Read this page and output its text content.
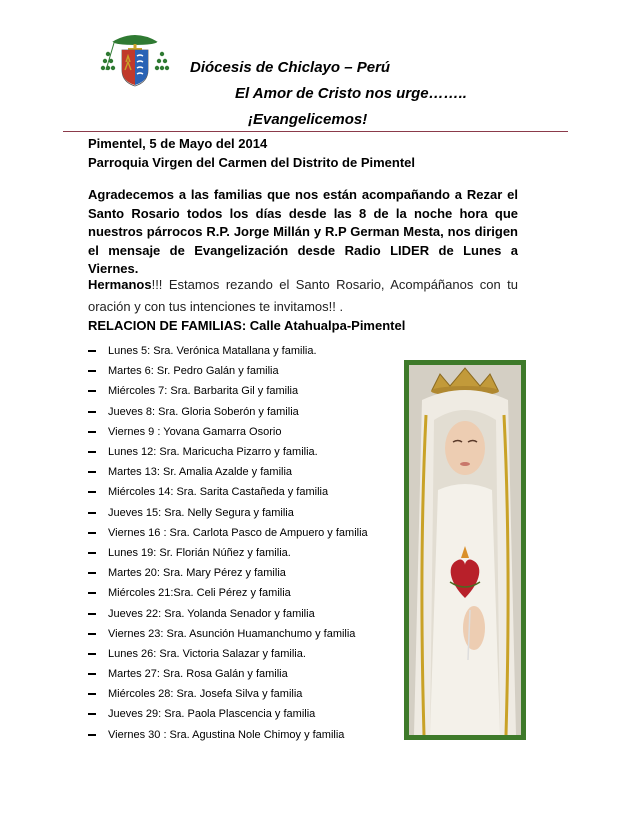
Diócesis de Chiclayo – Perú
El Amor de Cristo nos urge……..
¡Evangelicemos!
Pimentel, 5 de Mayo del 2014
Parroquia Virgen del Carmen del Distrito de Pimentel
Agradecemos a las familias que nos están acompañando a Rezar el Santo Rosario todos los días desde las 8 de la noche hora que nuestros párrocos R.P. Jorge Millán y R.P German Mesta, nos dirigen el mensaje de Evangelización desde Radio LIDER de Lunes a Viernes.
Hermanos!!! Estamos rezando el Santo Rosario, Acompáñanos con tu oración y con tus intenciones te invitamos!! .
RELACION DE FAMILIAS: Calle Atahualpa-Pimentel
Lunes 5: Sra. Verónica Matallana y familia.
Martes 6: Sr. Pedro Galán y familia
Miércoles 7: Sra. Barbarita Gil y familia
Jueves 8: Sra. Gloria Soberón y familia
Viernes 9 : Yovana Gamarra Osorio
Lunes 12: Sra. Maricucha Pizarro y familia.
Martes 13: Sr. Amalia Azalde y familia
Miércoles 14: Sra. Sarita Castañeda y familia
Jueves 15: Sra. Nelly Segura y familia
Viernes 16 : Sra. Carlota Pasco de Ampuero y familia
Lunes 19: Sr. Florián Núñez y familia.
Martes 20: Sra. Mary Pérez y familia
Miércoles 21:Sra. Celi Pérez y familia
Jueves 22: Sra. Yolanda Senador y familia
Viernes 23: Sra. Asunción Huamanchumo y familia
Lunes 26: Sra. Victoria Salazar y familia.
Martes 27: Sra. Rosa Galán y familia
Miércoles 28: Sra. Josefa Silva y familia
Jueves 29: Sra. Paola Plascencia y familia
Viernes 30 : Sra. Agustina Nole Chimoy y familia
